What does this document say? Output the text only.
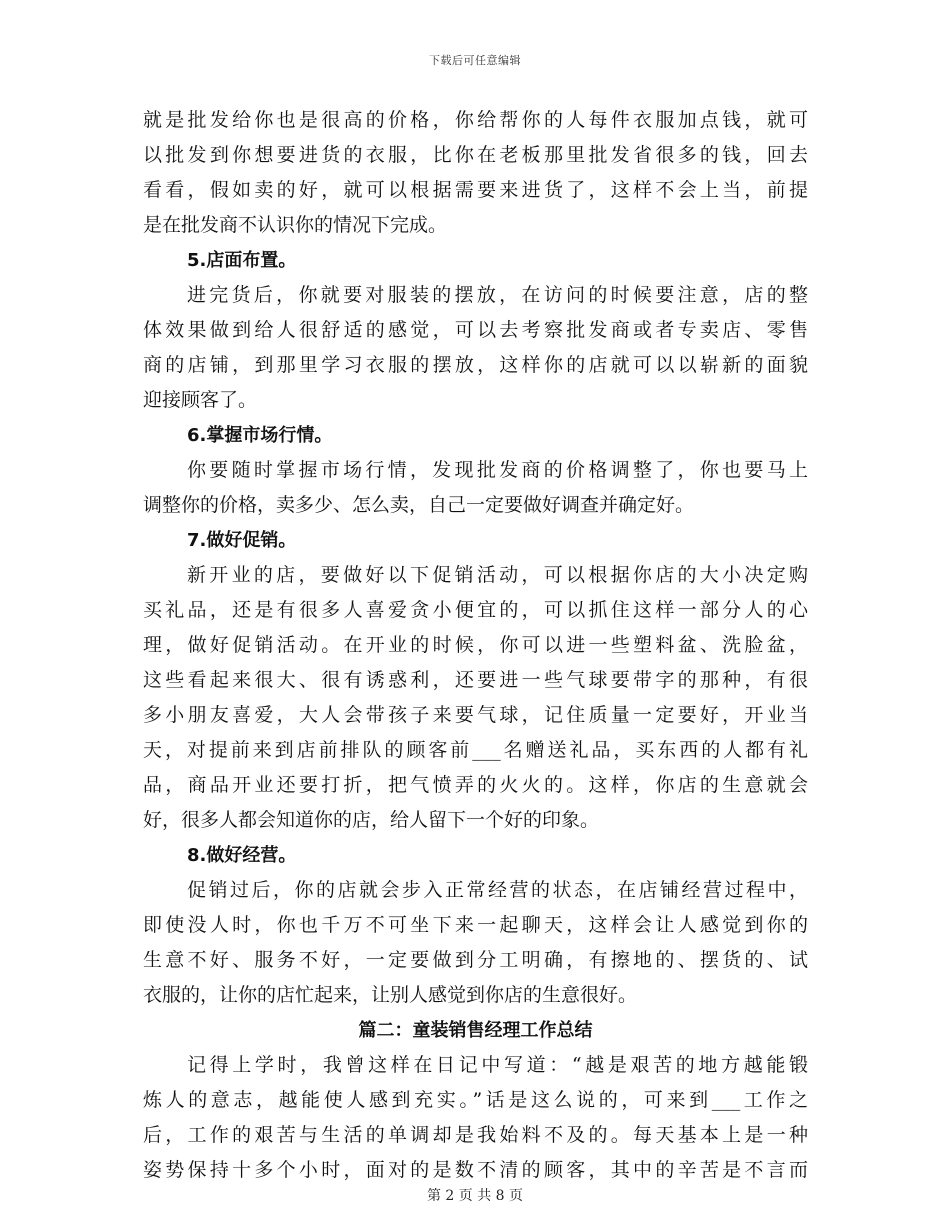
下载后可任意编辑
就是批发给你也是很高的价格，你给帮你的人每件衣服加点钱，就可
以批发到你想要进货的衣服，比你在老板那里批发省很多的钱，回去
看看，假如卖的好，就可以根据需要来进货了，这样不会上当，前提
是在批发商不认识你的情况下完成。
5.店面布置。
进完货后，你就要对服装的摆放，在访问的时候要注意，店的整
体效果做到给人很舒适的感觉，可以去考察批发商或者专卖店、零售
商的店铺，到那里学习衣服的摆放，这样你的店就可以以崭新的面貌
迎接顾客了。
6.掌握市场行情。
你要随时掌握市场行情，发现批发商的价格调整了，你也要马上
调整你的价格，卖多少、怎么卖，自己一定要做好调查并确定好。
7.做好促销。
新开业的店，要做好以下促销活动，可以根据你店的大小决定购
买礼品，还是有很多人喜爱贪小便宜的，可以抓住这样一部分人的心
理，做好促销活动。在开业的时候，你可以进一些塑料盆、洗脸盆，
这些看起来很大、很有诱惑利，还要进一些气球要带字的那种，有很
多小朋友喜爱，大人会带孩子来要气球，记住质量一定要好，开业当
天，对提前来到店前排队的顾客前___名赠送礼品，买东西的人都有礼
品，商品开业还要打折，把气愤弄的火火的。这样，你店的生意就会
好，很多人都会知道你的店，给人留下一个好的印象。
8.做好经营。
促销过后，你的店就会步入正常经营的状态，在店铺经营过程中，
即使没人时，你也千万不可坐下来一起聊天，这样会让人感觉到你的
生意不好、服务不好，一定要做到分工明确，有擦地的、摆货的、试
衣服的，让你的店忙起来，让别人感觉到你店的生意很好。
篇二：童装销售经理工作总结
记得上学时，我曾这样在日记中写道：“越是艰苦的地方越能锻
炼人的意志，越能使人感到充实。”话是这么说的，可来到___工作之
后，工作的艰苦与生活的单调却是我始料不及的。每天基本上是一种
姿势保持十多个小时，面对的是数不清的顾客，其中的辛苦是不言而
第 2 页 共 8 页
